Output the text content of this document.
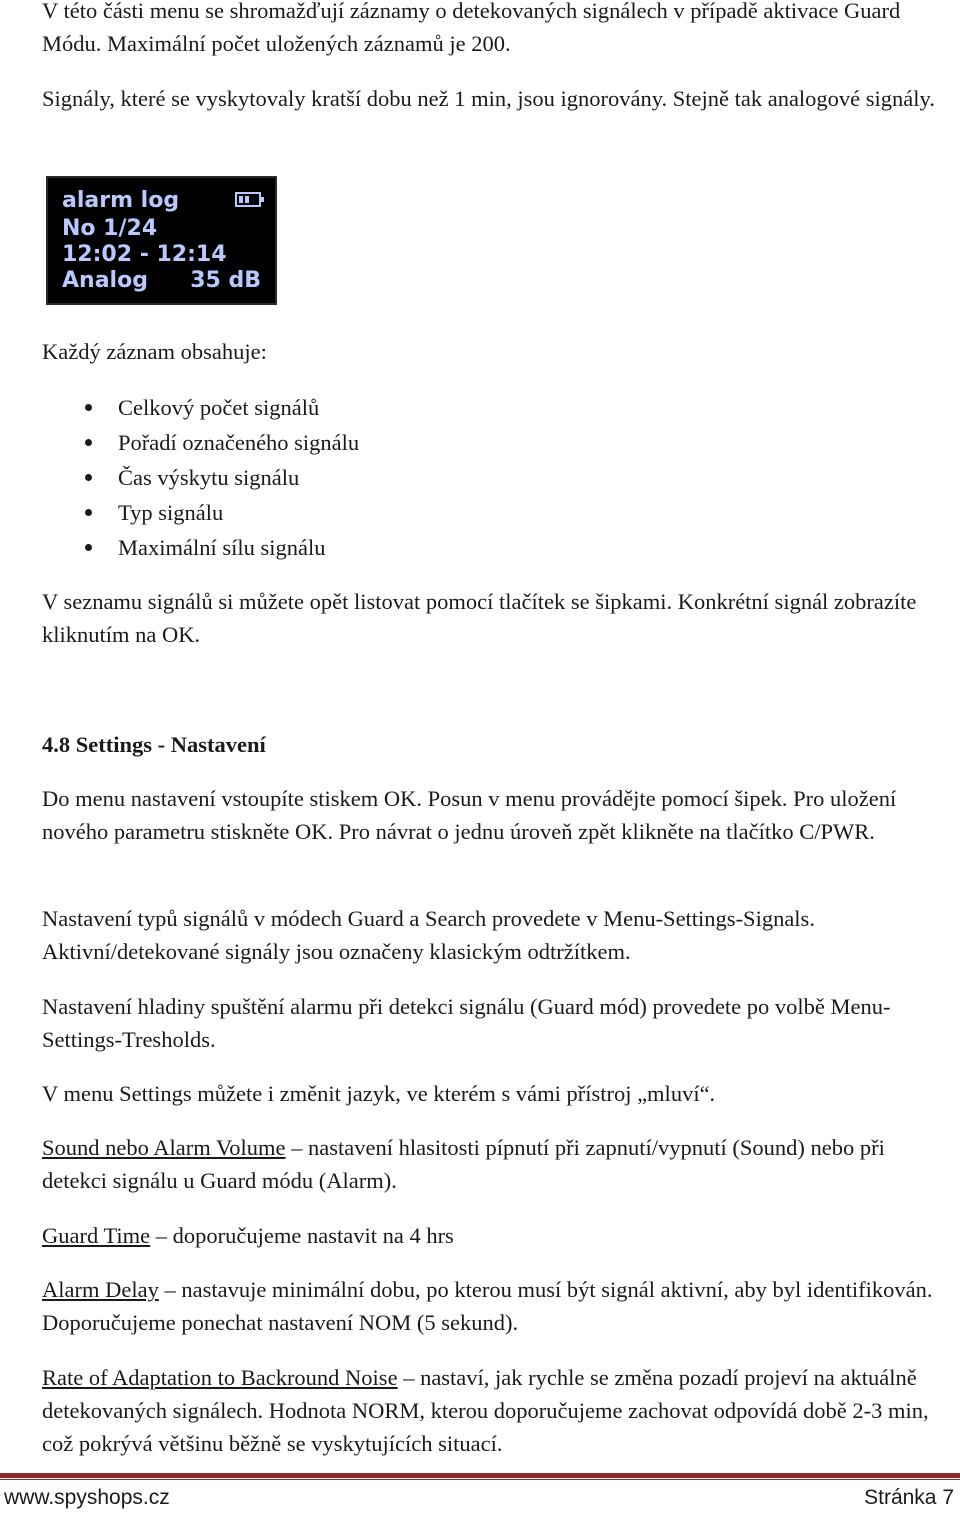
V této části menu se shromažďují záznamy o detekovaných signálech v případě aktivace Guard Módu. Maximální počet uložených záznamů je 200.

Signály, které se vyskytovaly kratší dobu než 1 min, jsou ignorovány. Stejně tak analogové signály.

alarm log
No 1/24
12:02 - 12:14
Analog 35 dB

Každý záznam obsahuje:

Celkový počet signálů
Pořadí označeného signálu
Čas výskytu signálu
Typ signálu
Maximální sílu signálu

V seznamu signálů si můžete opět listovat pomocí tlačítek se šipkami. Konkrétní signál zobrazíte kliknutím na OK.

4.8 Settings - Nastavení

Do menu nastavení vstoupíte stiskem OK. Posun v menu provádějte pomocí šipek. Pro uložení nového parametru stiskněte OK. Pro návrat o jednu úroveň zpět klikněte na tlačítko C/PWR.

Nastavení typů signálů v módech Guard a Search provedete v Menu-Settings-Signals. Aktivní/detekované signály jsou označeny klasickým odtržítkem.

Nastavení hladiny spuštění alarmu při detekci signálu (Guard mód) provedete po volbě Menu-Settings-Tresholds.

V menu Settings můžete i změnit jazyk, ve kterém s vámi přístroj „mluví“.

Sound nebo Alarm Volume – nastavení hlasitosti pípnutí při zapnutí/vypnutí (Sound) nebo při detekci signálu u Guard módu (Alarm).

Guard Time – doporučujeme nastavit na 4 hrs

Alarm Delay – nastavuje minimální dobu, po kterou musí být signál aktivní, aby byl identifikován. Doporučujeme ponechat nastavení NOM (5 sekund).

Rate of Adaptation to Backround Noise – nastaví, jak rychle se změna pozadí projeví na aktuálně detekovaných signálech. Hodnota NORM, kterou doporučujeme zachovat odpovídá době 2-3 min, což pokrývá většinu běžně se vyskytujících situací.

www.spyshops.cz	Stránka 7
